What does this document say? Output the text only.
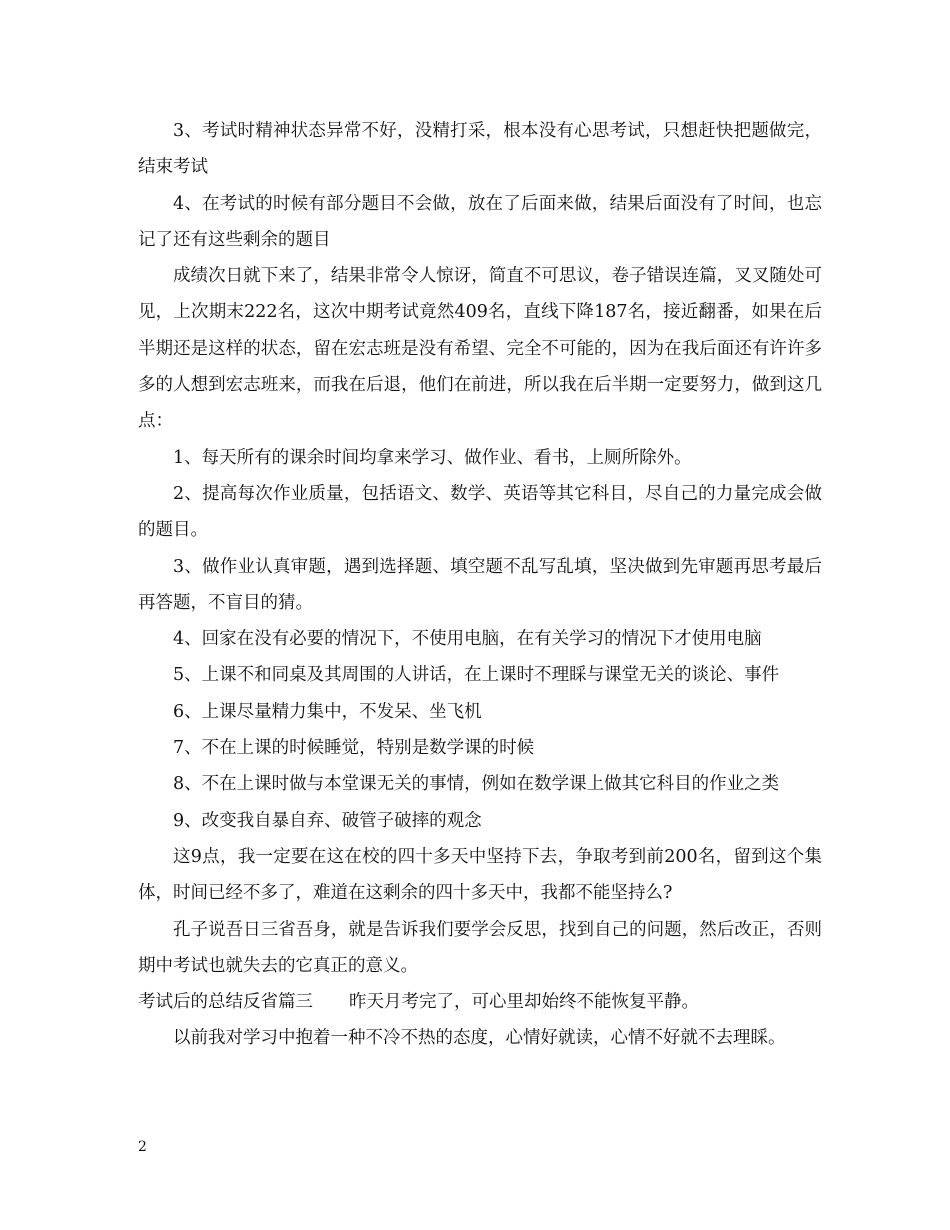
3、考试时精神状态异常不好，没精打采，根本没有心思考试，只想赶快把题做完，结束考试

4、在考试的时候有部分题目不会做，放在了后面来做，结果后面没有了时间，也忘记了还有这些剩余的题目

成绩次日就下来了，结果非常令人惊讶，简直不可思议，卷子错误连篇，叉叉随处可见，上次期末222名，这次中期考试竟然409名，直线下降187名，接近翻番，如果在后半期还是这样的状态，留在宏志班是没有希望、完全不可能的，因为在我后面还有许许多多的人想到宏志班来，而我在后退，他们在前进，所以我在后半期一定要努力，做到这几点：

1、每天所有的课余时间均拿来学习、做作业、看书，上厕所除外。

2、提高每次作业质量，包括语文、数学、英语等其它科目，尽自己的力量完成会做的题目。

3、做作业认真审题，遇到选择题、填空题不乱写乱填，坚决做到先审题再思考最后再答题，不盲目的猜。

4、回家在没有必要的情况下，不使用电脑，在有关学习的情况下才使用电脑

5、上课不和同桌及其周围的人讲话，在上课时不理睬与课堂无关的谈论、事件

6、上课尽量精力集中，不发呆、坐飞机

7、不在上课的时候睡觉，特别是数学课的时候

8、不在上课时做与本堂课无关的事情，例如在数学课上做其它科目的作业之类

9、改变我自暴自弃、破管子破摔的观念

这9点，我一定要在这在校的四十多天中坚持下去，争取考到前200名，留到这个集体，时间已经不多了，难道在这剩余的四十多天中，我都不能坚持么?

孔子说吾日三省吾身，就是告诉我们要学会反思，找到自己的问题，然后改正，否则期中考试也就失去的它真正的意义。

考试后的总结反省篇三 昨天月考完了，可心里却始终不能恢复平静。

以前我对学习中抱着一种不冷不热的态度，心情好就读，心情不好就不去理睬。

2
